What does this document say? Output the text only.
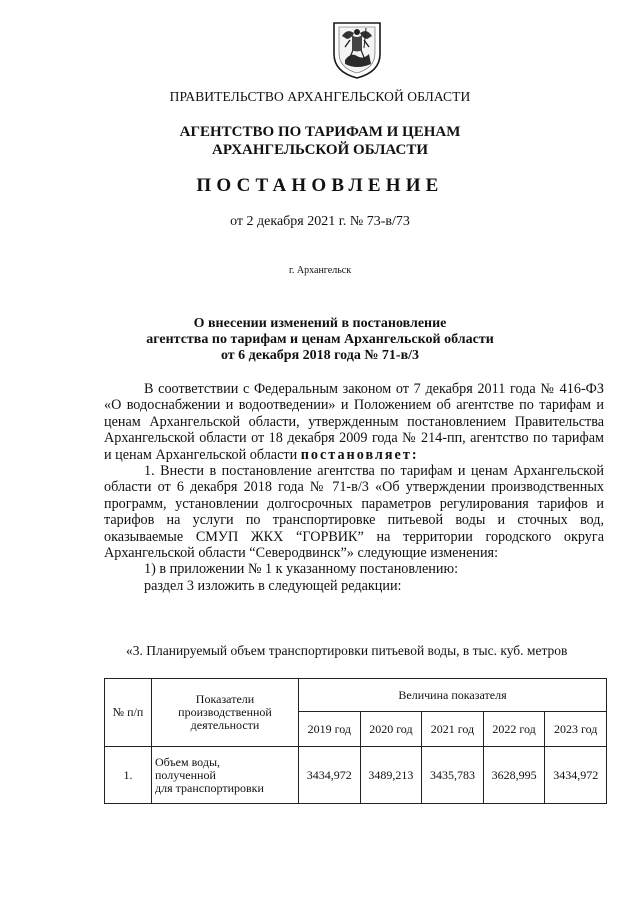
ПРАВИТЕЛЬСТВО АРХАНГЕЛЬСКОЙ ОБЛАСТИ
АГЕНТСТВО ПО ТАРИФАМ И ЦЕНАМ
АРХАНГЕЛЬСКОЙ ОБЛАСТИ
ПОСТАНОВЛЕНИЕ
от 2 декабря 2021 г. № 73-в/73
г. Архангельск
О внесении изменений в постановление
агентства по тарифам и ценам Архангельской области
от 6 декабря 2018 года № 71-в/3

В соответствии с Федеральным законом от 7 декабря 2011 года № 416-ФЗ «О водоснабжении и водоотведении» и Положением об агентстве по тарифам и ценам Архангельской области, утвержденным постановлением Правительства Архангельской области от 18 декабря 2009 года № 214-пп, агентство по тарифам и ценам Архангельской области постановляет:

1. Внести в постановление агентства по тарифам и ценам Архангельской области от 6 декабря 2018 года № 71-в/3 «Об утверждении производственных программ, установлении долгосрочных параметров регулирования тарифов и тарифов на услуги по транспортировке питьевой воды и сточных вод, оказываемые СМУП ЖКХ “ГОРВИК” на территории городского округа Архангельской области “Северодвинск”» следующие изменения:

1) в приложении № 1 к указанному постановлению:

раздел 3 изложить в следующей редакции:

«3. Планируемый объем транспортировки питьевой воды, в тыс. куб. метров
№ п/п	Показатели
производственной
деятельности	Величина показателя				
		2019 год	2020 год	2021 год	2022 год	2023 год
1.	Объем воды,
полученной
для транспортировки	3434,972	3489,213	3435,783	3628,995	3434,972
